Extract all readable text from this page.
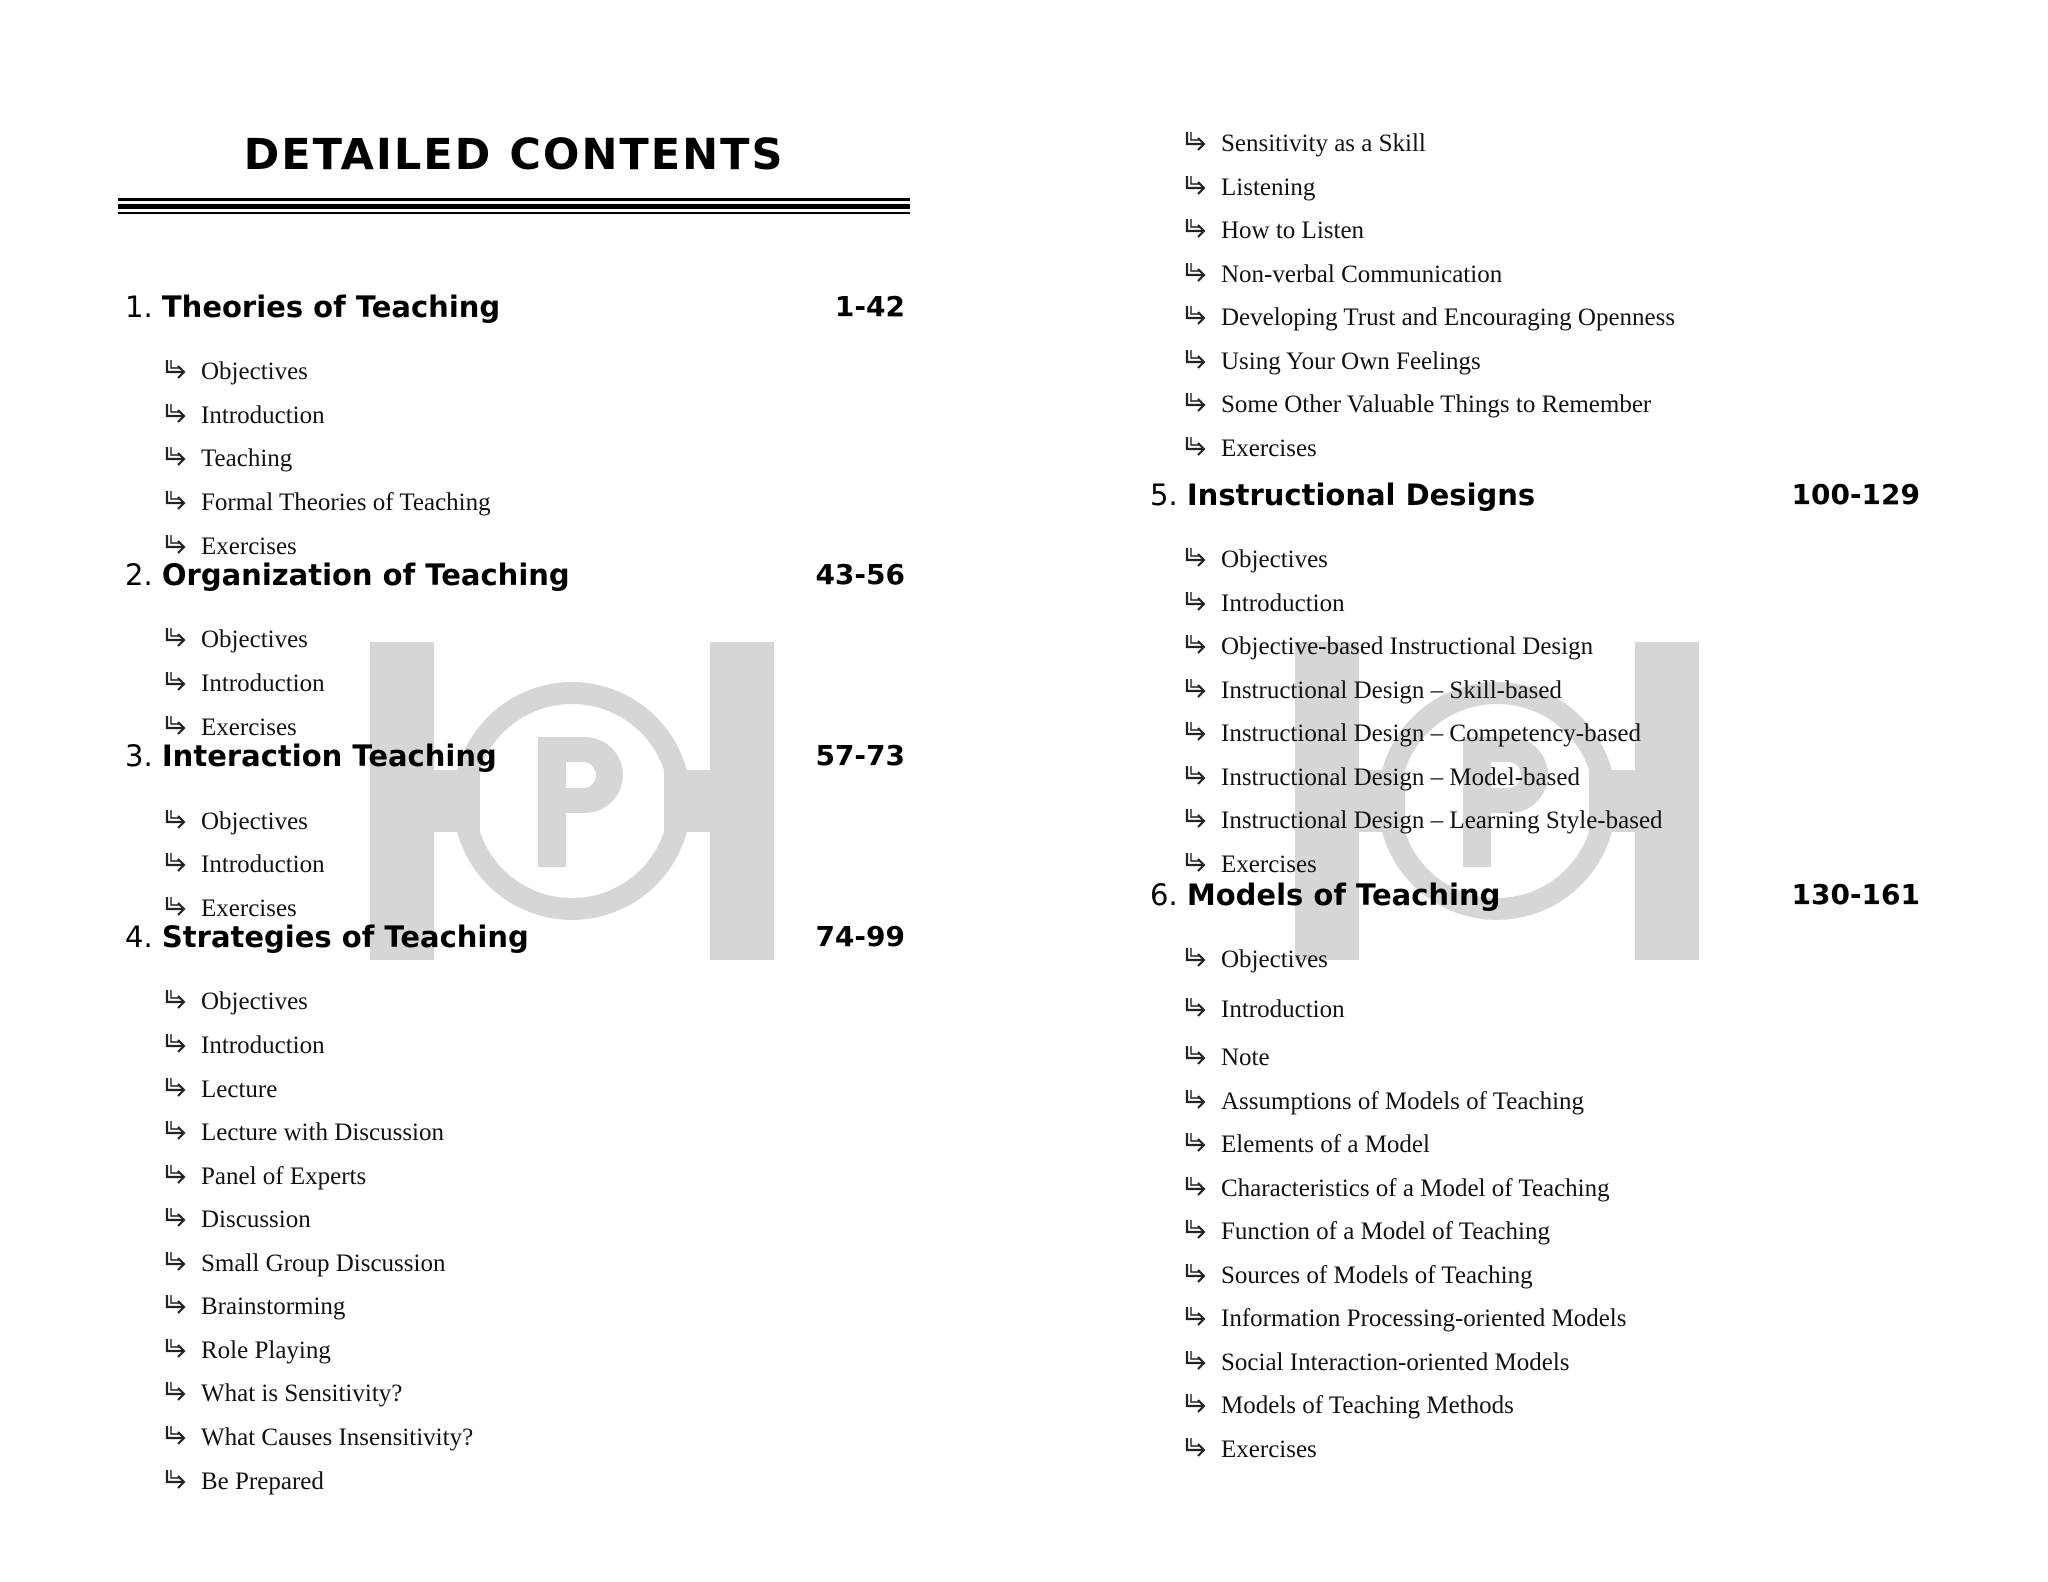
DETAILED CONTENTS
1. Theories of Teaching	1-42
Objectives
Introduction
Teaching
Formal Theories of Teaching
Exercises
2. Organization of Teaching	43-56
Objectives
Introduction
Exercises
3. Interaction Teaching	57-73
Objectives
Introduction
Exercises
4. Strategies of Teaching	74-99
Objectives
Introduction
Lecture
Lecture with Discussion
Panel of Experts
Discussion
Small Group Discussion
Brainstorming
Role Playing
What is Sensitivity?
What Causes Insensitivity?
Be Prepared
Sensitivity as a Skill
Listening
How to Listen
Non-verbal Communication
Developing Trust and Encouraging Openness
Using Your Own Feelings
Some Other Valuable Things to Remember
Exercises
5. Instructional Designs	100-129
Objectives
Introduction
Objective-based Instructional Design
Instructional Design – Skill-based
Instructional Design – Competency-based
Instructional Design – Model-based
Instructional Design – Learning Style-based
Exercises
6. Models of Teaching	130-161
Objectives
Introduction
Note
Assumptions of Models of Teaching
Elements of a Model
Characteristics of a Model of Teaching
Function of a Model of Teaching
Sources of Models of Teaching
Information Processing-oriented Models
Social Interaction-oriented Models
Models of Teaching Methods
Exercises
